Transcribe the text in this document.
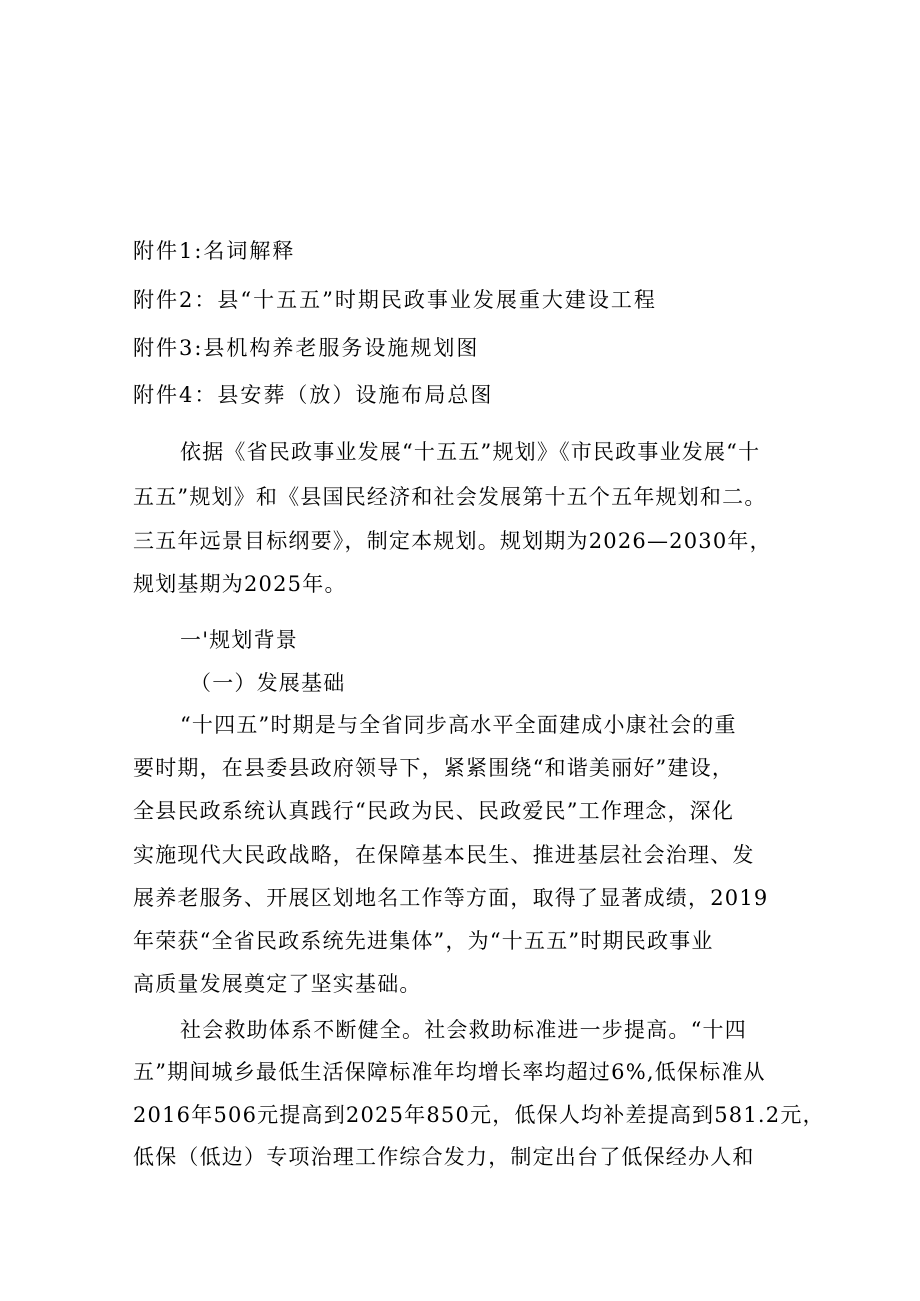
附件1:名词解释
附件2：县“十五五”时期民政事业发展重大建设工程
附件3:县机构养老服务设施规划图
附件4：县安葬（放）设施布局总图
依据《省民政事业发展“十五五”规划》《市民政事业发展“十
五五”规划》和《县国民经济和社会发展第十五个五年规划和二。
三五年远景目标纲要》，制定本规划。规划期为2026—2030年，
规划基期为2025年。
一'规划背景
（一）发展基础
“十四五”时期是与全省同步高水平全面建成小康社会的重
要时期，在县委县政府领导下，紧紧围绕“和谐美丽好”建设，
全县民政系统认真践行“民政为民、民政爱民”工作理念，深化
实施现代大民政战略，在保障基本民生、推进基层社会治理、发
展养老服务、开展区划地名工作等方面，取得了显著成绩，2019
年荣获“全省民政系统先进集体”，为“十五五”时期民政事业
高质量发展奠定了坚实基础。
社会救助体系不断健全。社会救助标准进一步提高。“十四
五”期间城乡最低生活保障标准年均增长率均超过6%,低保标准从
2016年506元提高到2025年850元，低保人均补差提高到581.2元，
低保（低边）专项治理工作综合发力，制定出台了低保经办人和
